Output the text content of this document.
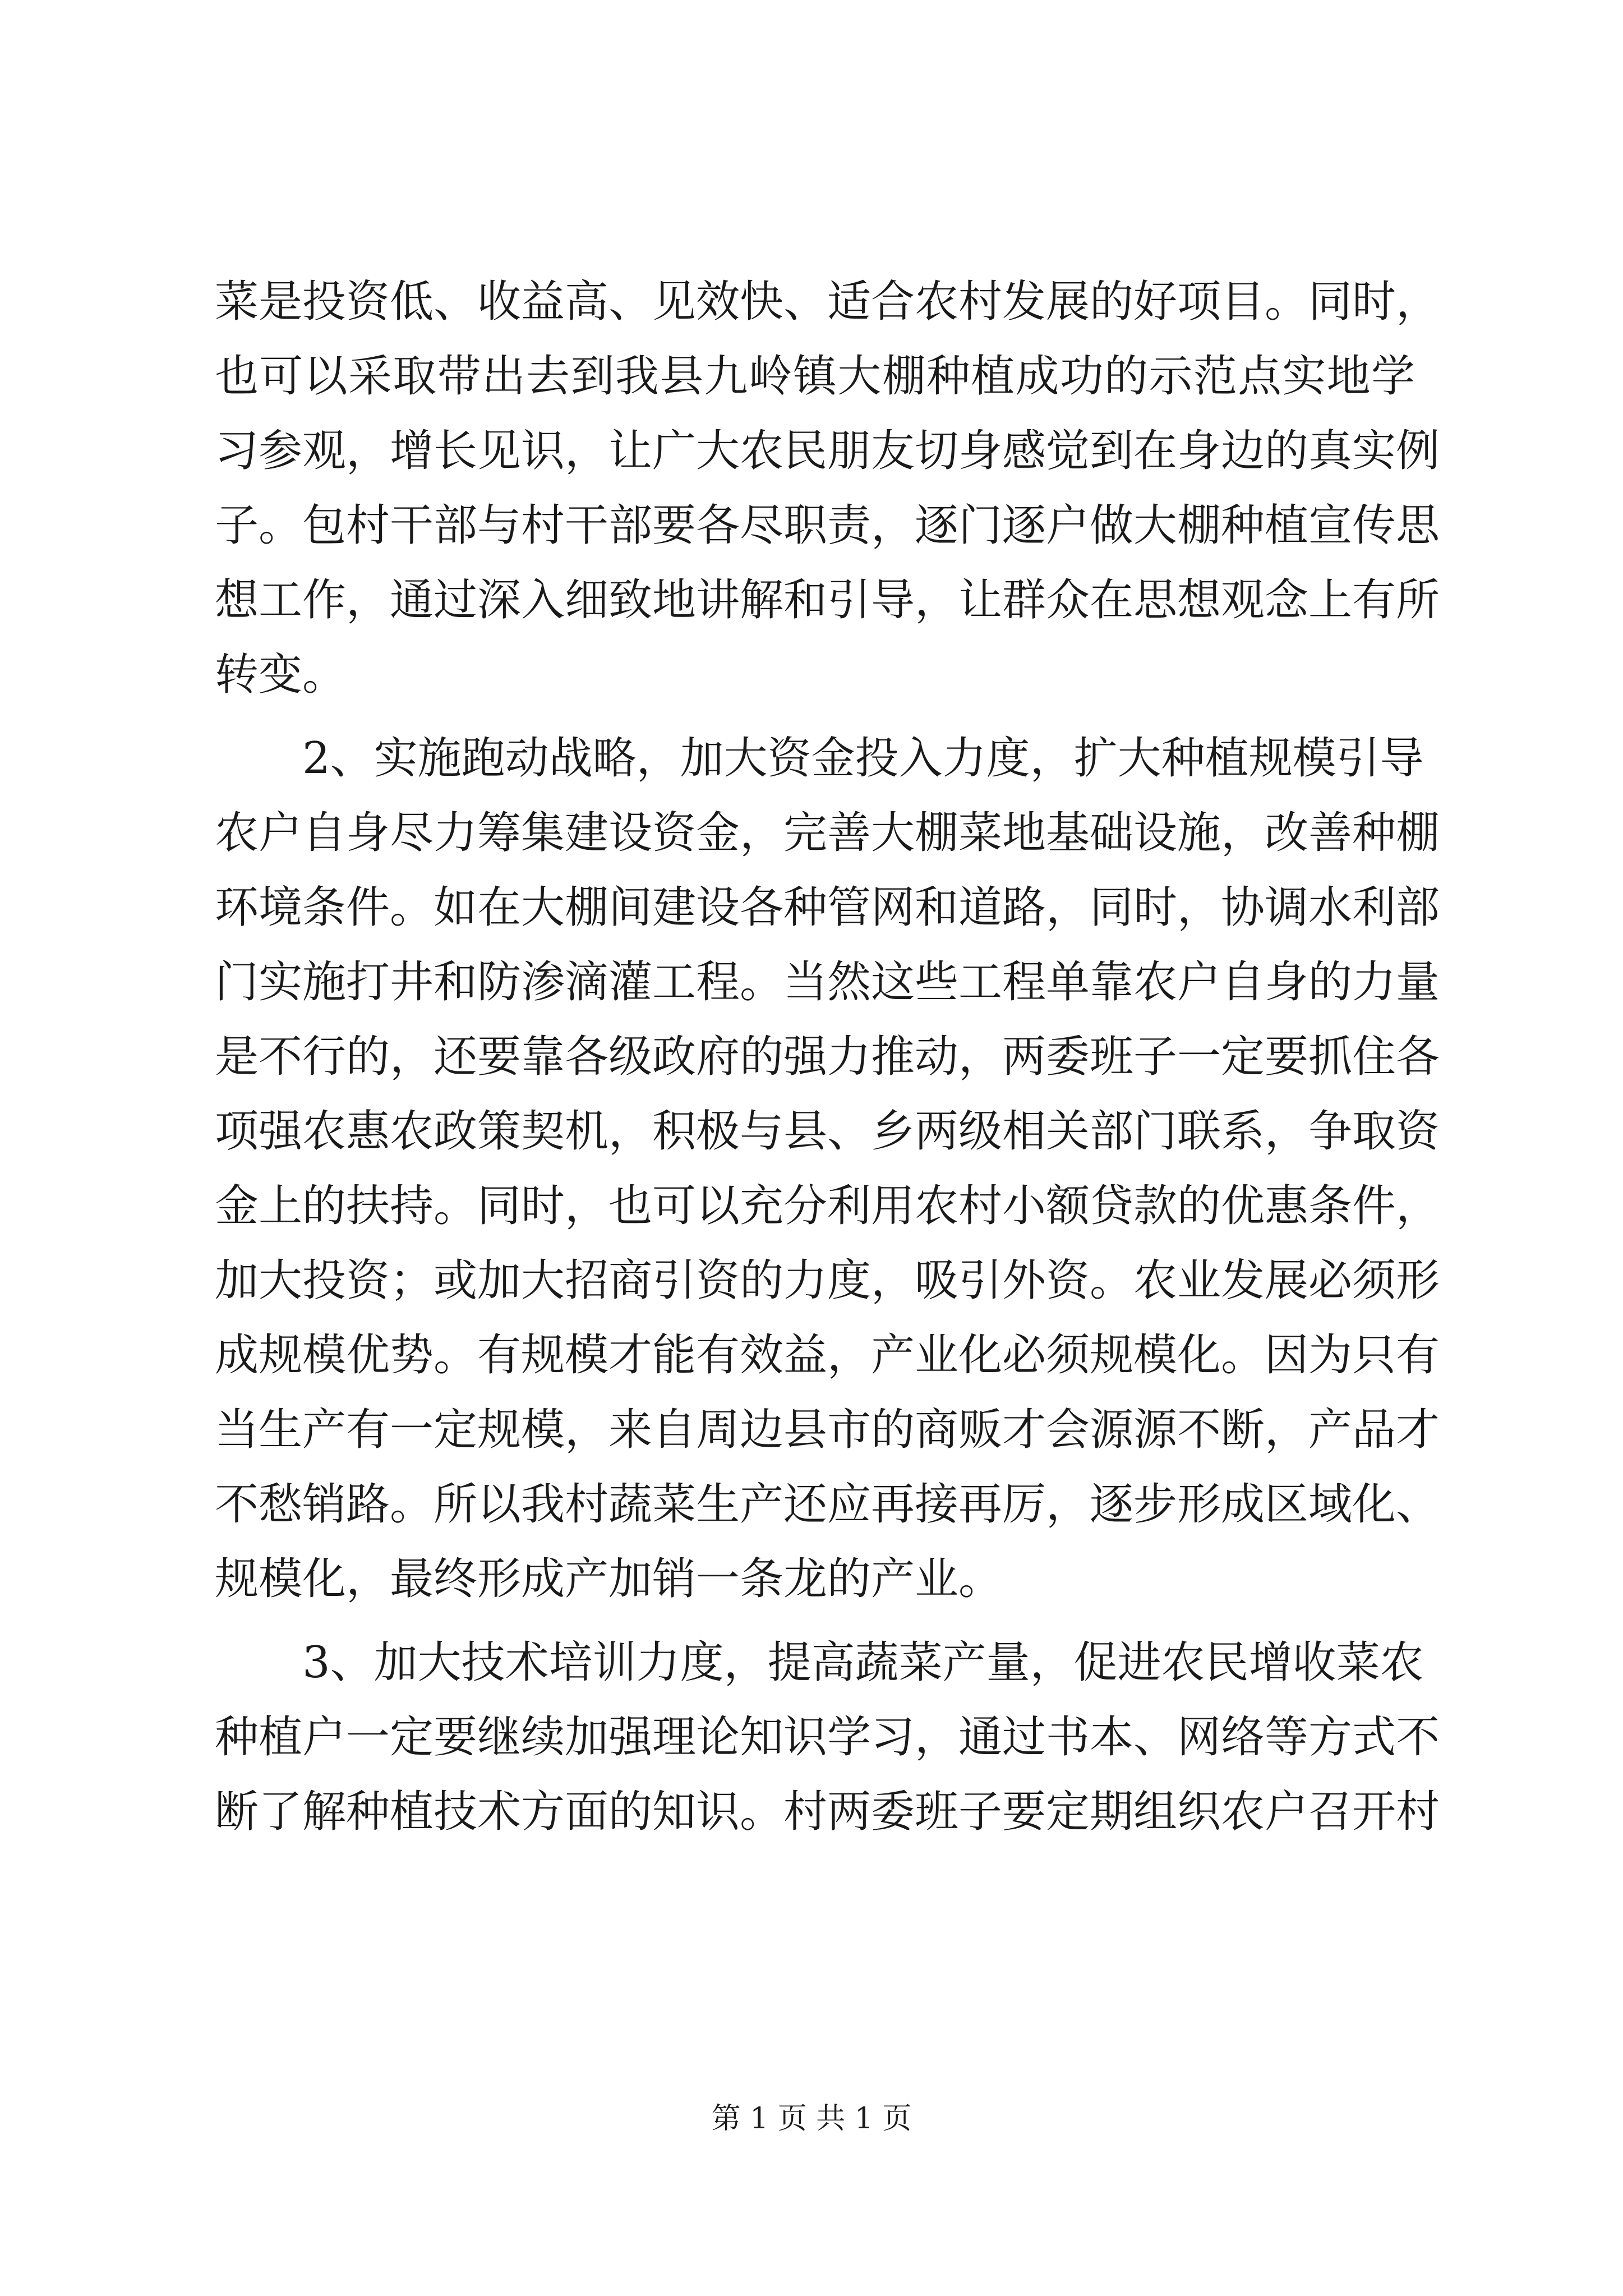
菜是投资低、收益高、见效快、适合农村发展的好项目。同时，
也可以采取带出去到我县九岭镇大棚种植成功的示范点实地学
习参观，增长见识，让广大农民朋友切身感觉到在身边的真实例
子。包村干部与村干部要各尽职责，逐门逐户做大棚种植宣传思
想工作，通过深入细致地讲解和引导，让群众在思想观念上有所
转变。
2、实施跑动战略，加大资金投入力度，扩大种植规模引导
农户自身尽力筹集建设资金，完善大棚菜地基础设施，改善种棚
环境条件。如在大棚间建设各种管网和道路，同时，协调水利部
门实施打井和防渗滴灌工程。当然这些工程单靠农户自身的力量
是不行的，还要靠各级政府的强力推动，两委班子一定要抓住各
项强农惠农政策契机，积极与县、乡两级相关部门联系，争取资
金上的扶持。同时，也可以充分利用农村小额贷款的优惠条件，
加大投资；或加大招商引资的力度，吸引外资。农业发展必须形
成规模优势。有规模才能有效益，产业化必须规模化。因为只有
当生产有一定规模，来自周边县市的商贩才会源源不断，产品才
不愁销路。所以我村蔬菜生产还应再接再厉，逐步形成区域化、
规模化，最终形成产加销一条龙的产业。
3、加大技术培训力度，提高蔬菜产量，促进农民增收菜农
种植户一定要继续加强理论知识学习，通过书本、网络等方式不
断了解种植技术方面的知识。村两委班子要定期组织农户召开村
第 1 页 共 1 页
